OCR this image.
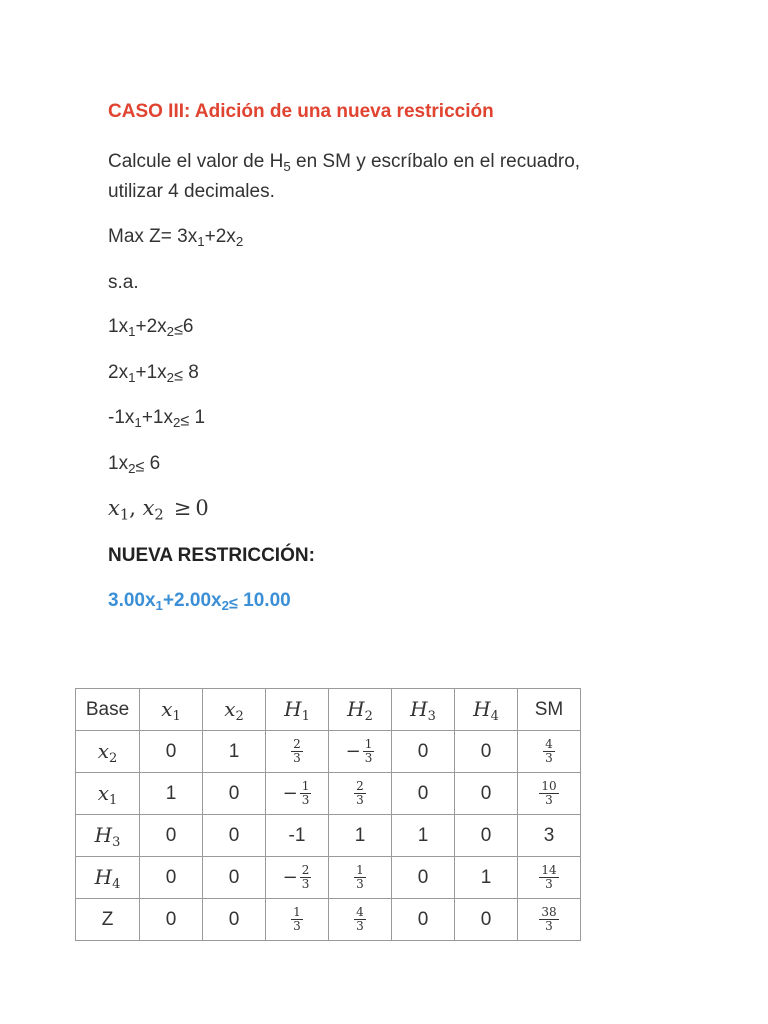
CASO III: Adición de una nueva restricción
Calcule el valor de $H_5$ en SM y escríbalo en el recuadro, utilizar 4 decimales.
Max $Z= 3x_1+2x_2$
s.a.
$1x_1+2x_2\le 6$
$2x_1+1x_2\le 8$
$-1x_1+1x_2\le 1$
$1x_2\le 6$
$x_1$, $x_2 \ge 0$
NUEVA RESTRICCIÓN:
$3.00x_1+2.00x_2\le 10.00$
Base	$x_1$	$x_2$	$H_1$	$H_2$	$H_3$	$H_4$	SM
$x_2$	0	1	$\frac{2}{3}$	− $\frac{1}{3}$	0	0	$\frac{4}{3}$

$x_1$	1	0	− $\frac{1}{3}$	$\frac{2}{3}$	0	0	$\frac{10}{3}$

$H_3$	0	0	-1	1	1	0	3
$H_4$	0	0	− $\frac{2}{3}$	$\frac{1}{3}$	0	1	$\frac{14}{3}$

Z	0	0	$\frac{1}{3}$	$\frac{4}{3}$	0	0	$\frac{38}{3}$
